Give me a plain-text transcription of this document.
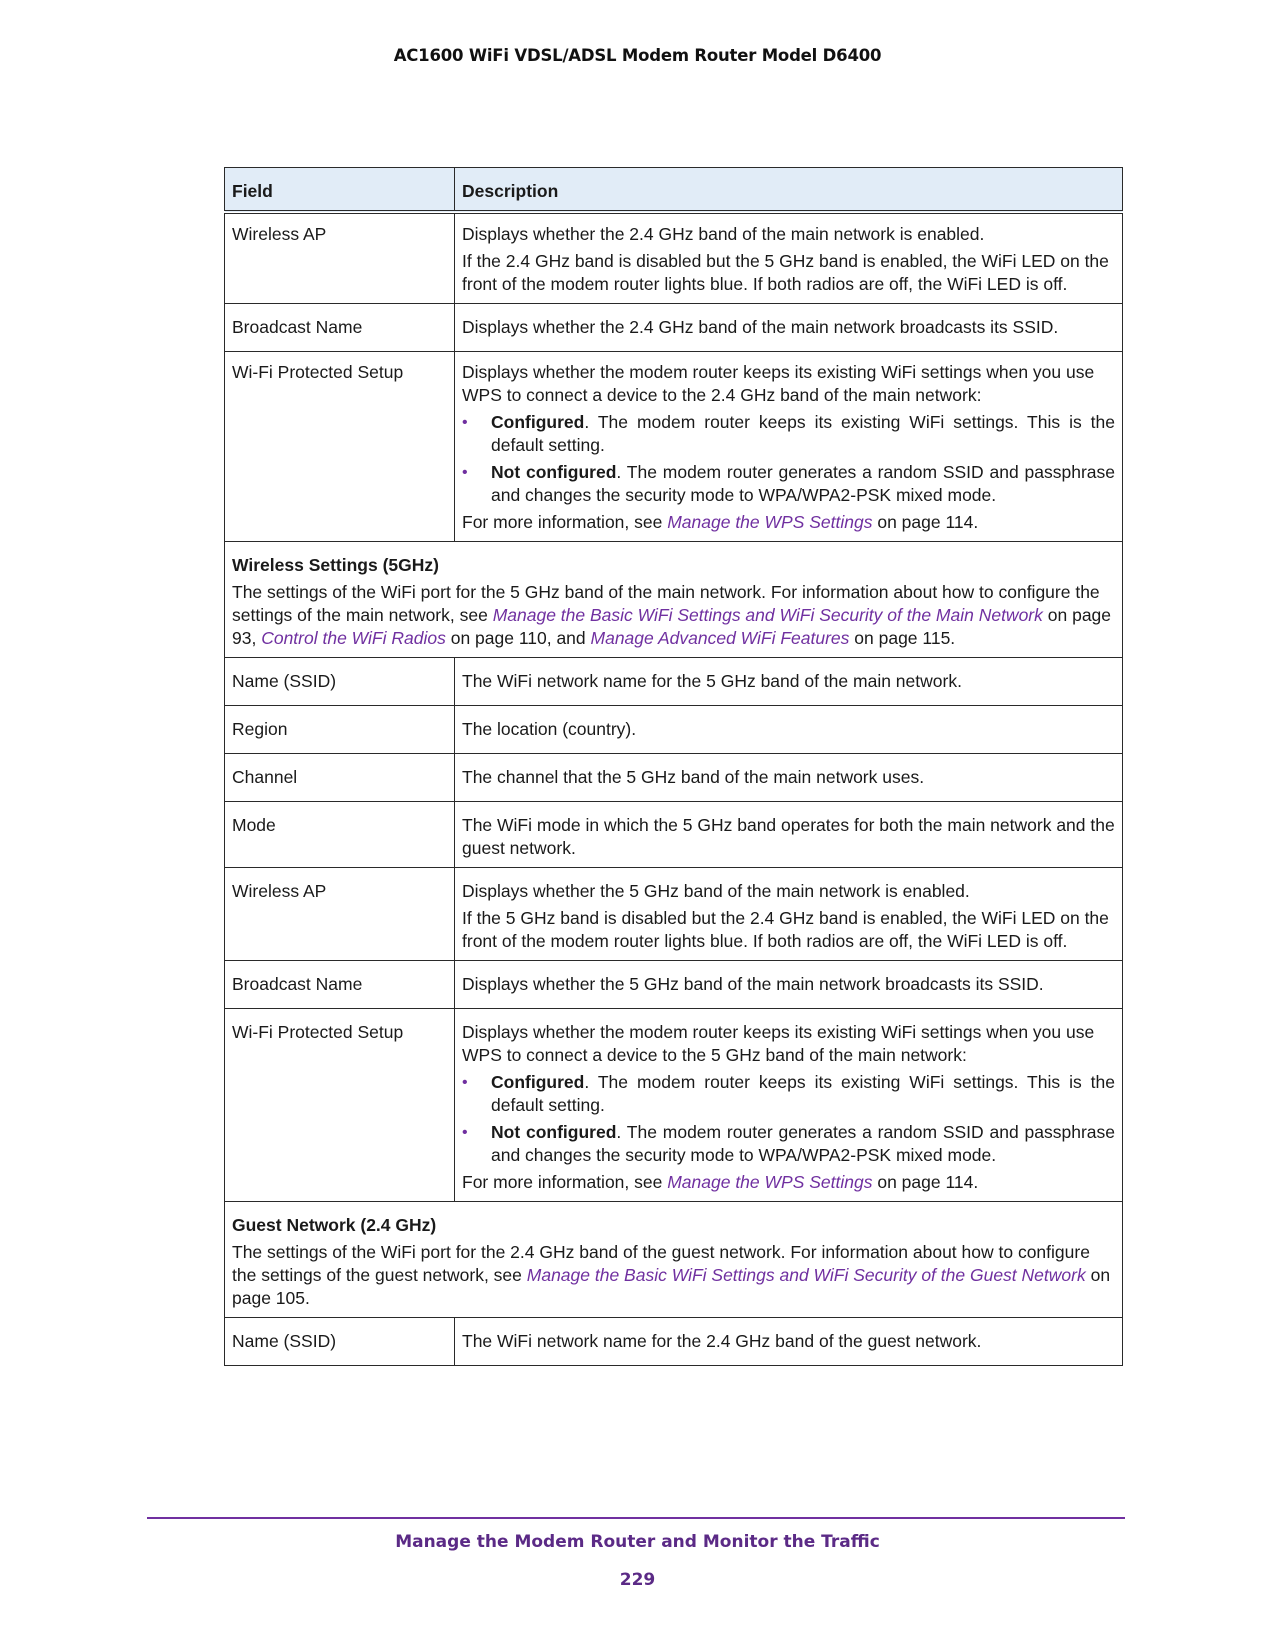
AC1600 WiFi VDSL/ADSL Modem Router Model D6400
Field	Description
Wireless AP	Displays whether the 2.4 GHz band of the main network is enabled.

If the 2.4 GHz band is disabled but the 5 GHz band is enabled, the WiFi LED on the front of the modem router lights blue. If both radios are off, the WiFi LED is off.

Broadcast Name	Displays whether the 2.4 GHz band of the main network broadcasts its SSID.
Wi-Fi Protected Setup	Displays whether the modem router keeps its existing WiFi settings when you use WPS to connect a device to the 2.4 GHz band of the main network:

• Configured. The modem router keeps its existing WiFi settings. This is the default setting.
• Not configured. The modem router generates a random SSID and passphrase and changes the security mode to WPA/WPA2-PSK mixed mode.

For more information, see Manage the WPS Settings on page 114.

Wireless Settings (5GHz)
The settings of the WiFi port for the 5 GHz band of the main network. For information about how to configure the settings of the main network, see Manage the Basic WiFi Settings and WiFi Security of the Main Network on page 93, Control the WiFi Radios on page 110, and Manage Advanced WiFi Features on page 115.	

Name (SSID)	The WiFi network name for the 5 GHz band of the main network.
Region	The location (country).
Channel	The channel that the 5 GHz band of the main network uses.
Mode	The WiFi mode in which the 5 GHz band operates for both the main network and the guest network.
Wireless AP	Displays whether the 5 GHz band of the main network is enabled.

If the 5 GHz band is disabled but the 2.4 GHz band is enabled, the WiFi LED on the front of the modem router lights blue. If both radios are off, the WiFi LED is off.

Broadcast Name	Displays whether the 5 GHz band of the main network broadcasts its SSID.
Wi-Fi Protected Setup	Displays whether the modem router keeps its existing WiFi settings when you use WPS to connect a device to the 5 GHz band of the main network:

• Configured. The modem router keeps its existing WiFi settings. This is the default setting.
• Not configured. The modem router generates a random SSID and passphrase and changes the security mode to WPA/WPA2-PSK mixed mode.

For more information, see Manage the WPS Settings on page 114.

Guest Network (2.4 GHz)
The settings of the WiFi port for the 2.4 GHz band of the guest network. For information about how to configure the settings of the guest network, see Manage the Basic WiFi Settings and WiFi Security of the Guest Network on page 105.	

Name (SSID)	The WiFi network name for the 2.4 GHz band of the guest network.
Manage the Modem Router and Monitor the Traffic
229
